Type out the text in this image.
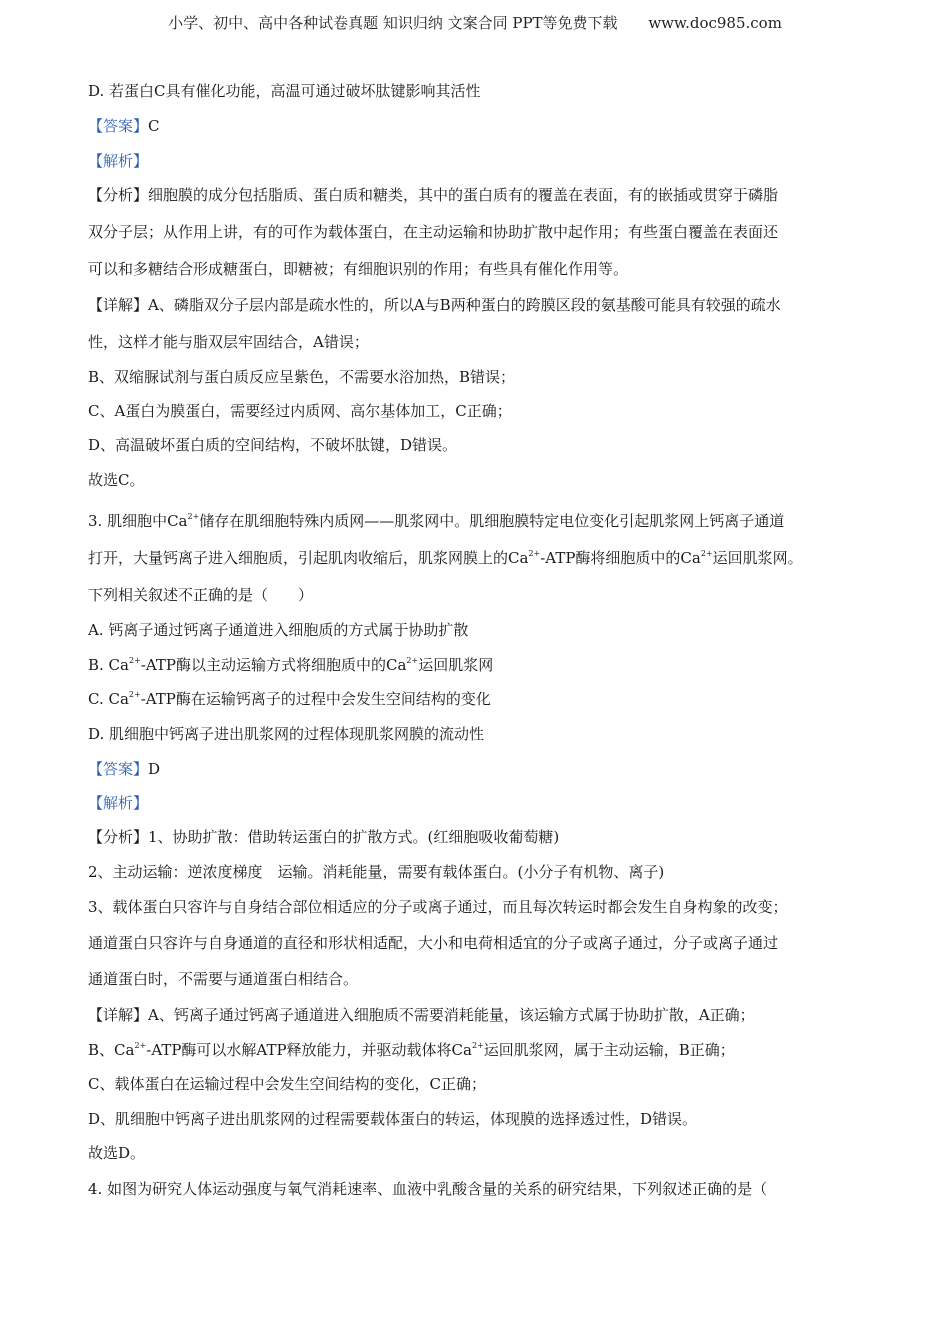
小学、初中、高中各种试卷真题 知识归纳 文案合同 PPT等免费下载 www.doc985.com

D. 若蛋白C具有催化功能，高温可通过破坏肽键影响其活性

【答案】C

【解析】

【分析】细胞膜的成分包括脂质、蛋白质和糖类，其中的蛋白质有的覆盖在表面，有的嵌插或贯穿于磷脂

双分子层；从作用上讲，有的可作为载体蛋白，在主动运输和协助扩散中起作用；有些蛋白覆盖在表面还

可以和多糖结合形成糖蛋白，即糖被；有细胞识别的作用；有些具有催化作用等。

【详解】A、磷脂双分子层内部是疏水性的，所以A与B两种蛋白的跨膜区段的氨基酸可能具有较强的疏水

性，这样才能与脂双层牢固结合，A错误；

B、双缩脲试剂与蛋白质反应呈紫色，不需要水浴加热，B错误；

C、A蛋白为膜蛋白，需要经过内质网、高尔基体加工，C正确；

D、高温破坏蛋白质的空间结构，不破坏肽键，D错误。

故选C。

3. 肌细胞中$Ca^{2+}$储存在肌细胞特殊内质网——肌浆网中。肌细胞膜特定电位变化引起肌浆网上钙离子通道

打开，大量钙离子进入细胞质，引起肌肉收缩后，肌浆网膜上的$Ca^{2+}$-ATP酶将细胞质中的$Ca^{2+}$运回肌浆网。

下列相关叙述不正确的是（　　）

A. 钙离子通过钙离子通道进入细胞质的方式属于协助扩散

B. $Ca^{2+}$-ATP酶以主动运输方式将细胞质中的$Ca^{2+}$运回肌浆网

C. $Ca^{2+}$-ATP酶在运输钙离子的过程中会发生空间结构的变化

D. 肌细胞中钙离子进出肌浆网的过程体现肌浆网膜的流动性

【答案】D

【解析】

【分析】1、协助扩散：借助转运蛋白的扩散方式。(红细胞吸收葡萄糖)

2、主动运输：逆浓度梯度　运输。消耗能量，需要有载体蛋白。(小分子有机物、离子)

3、载体蛋白只容许与自身结合部位相适应的分子或离子通过，而且每次转运时都会发生自身构象的改变；

通道蛋白只容许与自身通道的直径和形状相适配，大小和电荷相适宜的分子或离子通过，分子或离子通过

通道蛋白时，不需要与通道蛋白相结合。

【详解】A、钙离子通过钙离子通道进入细胞质不需要消耗能量，该运输方式属于协助扩散，A正确；

B、$Ca^{2+}$-ATP酶可以水解ATP释放能力，并驱动载体将$Ca^{2+}$运回肌浆网，属于主动运输，B正确；

C、载体蛋白在运输过程中会发生空间结构的变化，C正确；

D、肌细胞中钙离子进出肌浆网的过程需要载体蛋白的转运，体现膜的选择透过性，D错误。

故选D。

4. 如图为研究人体运动强度与氧气消耗速率、血液中乳酸含量的关系的研究结果，下列叙述正确的是（
